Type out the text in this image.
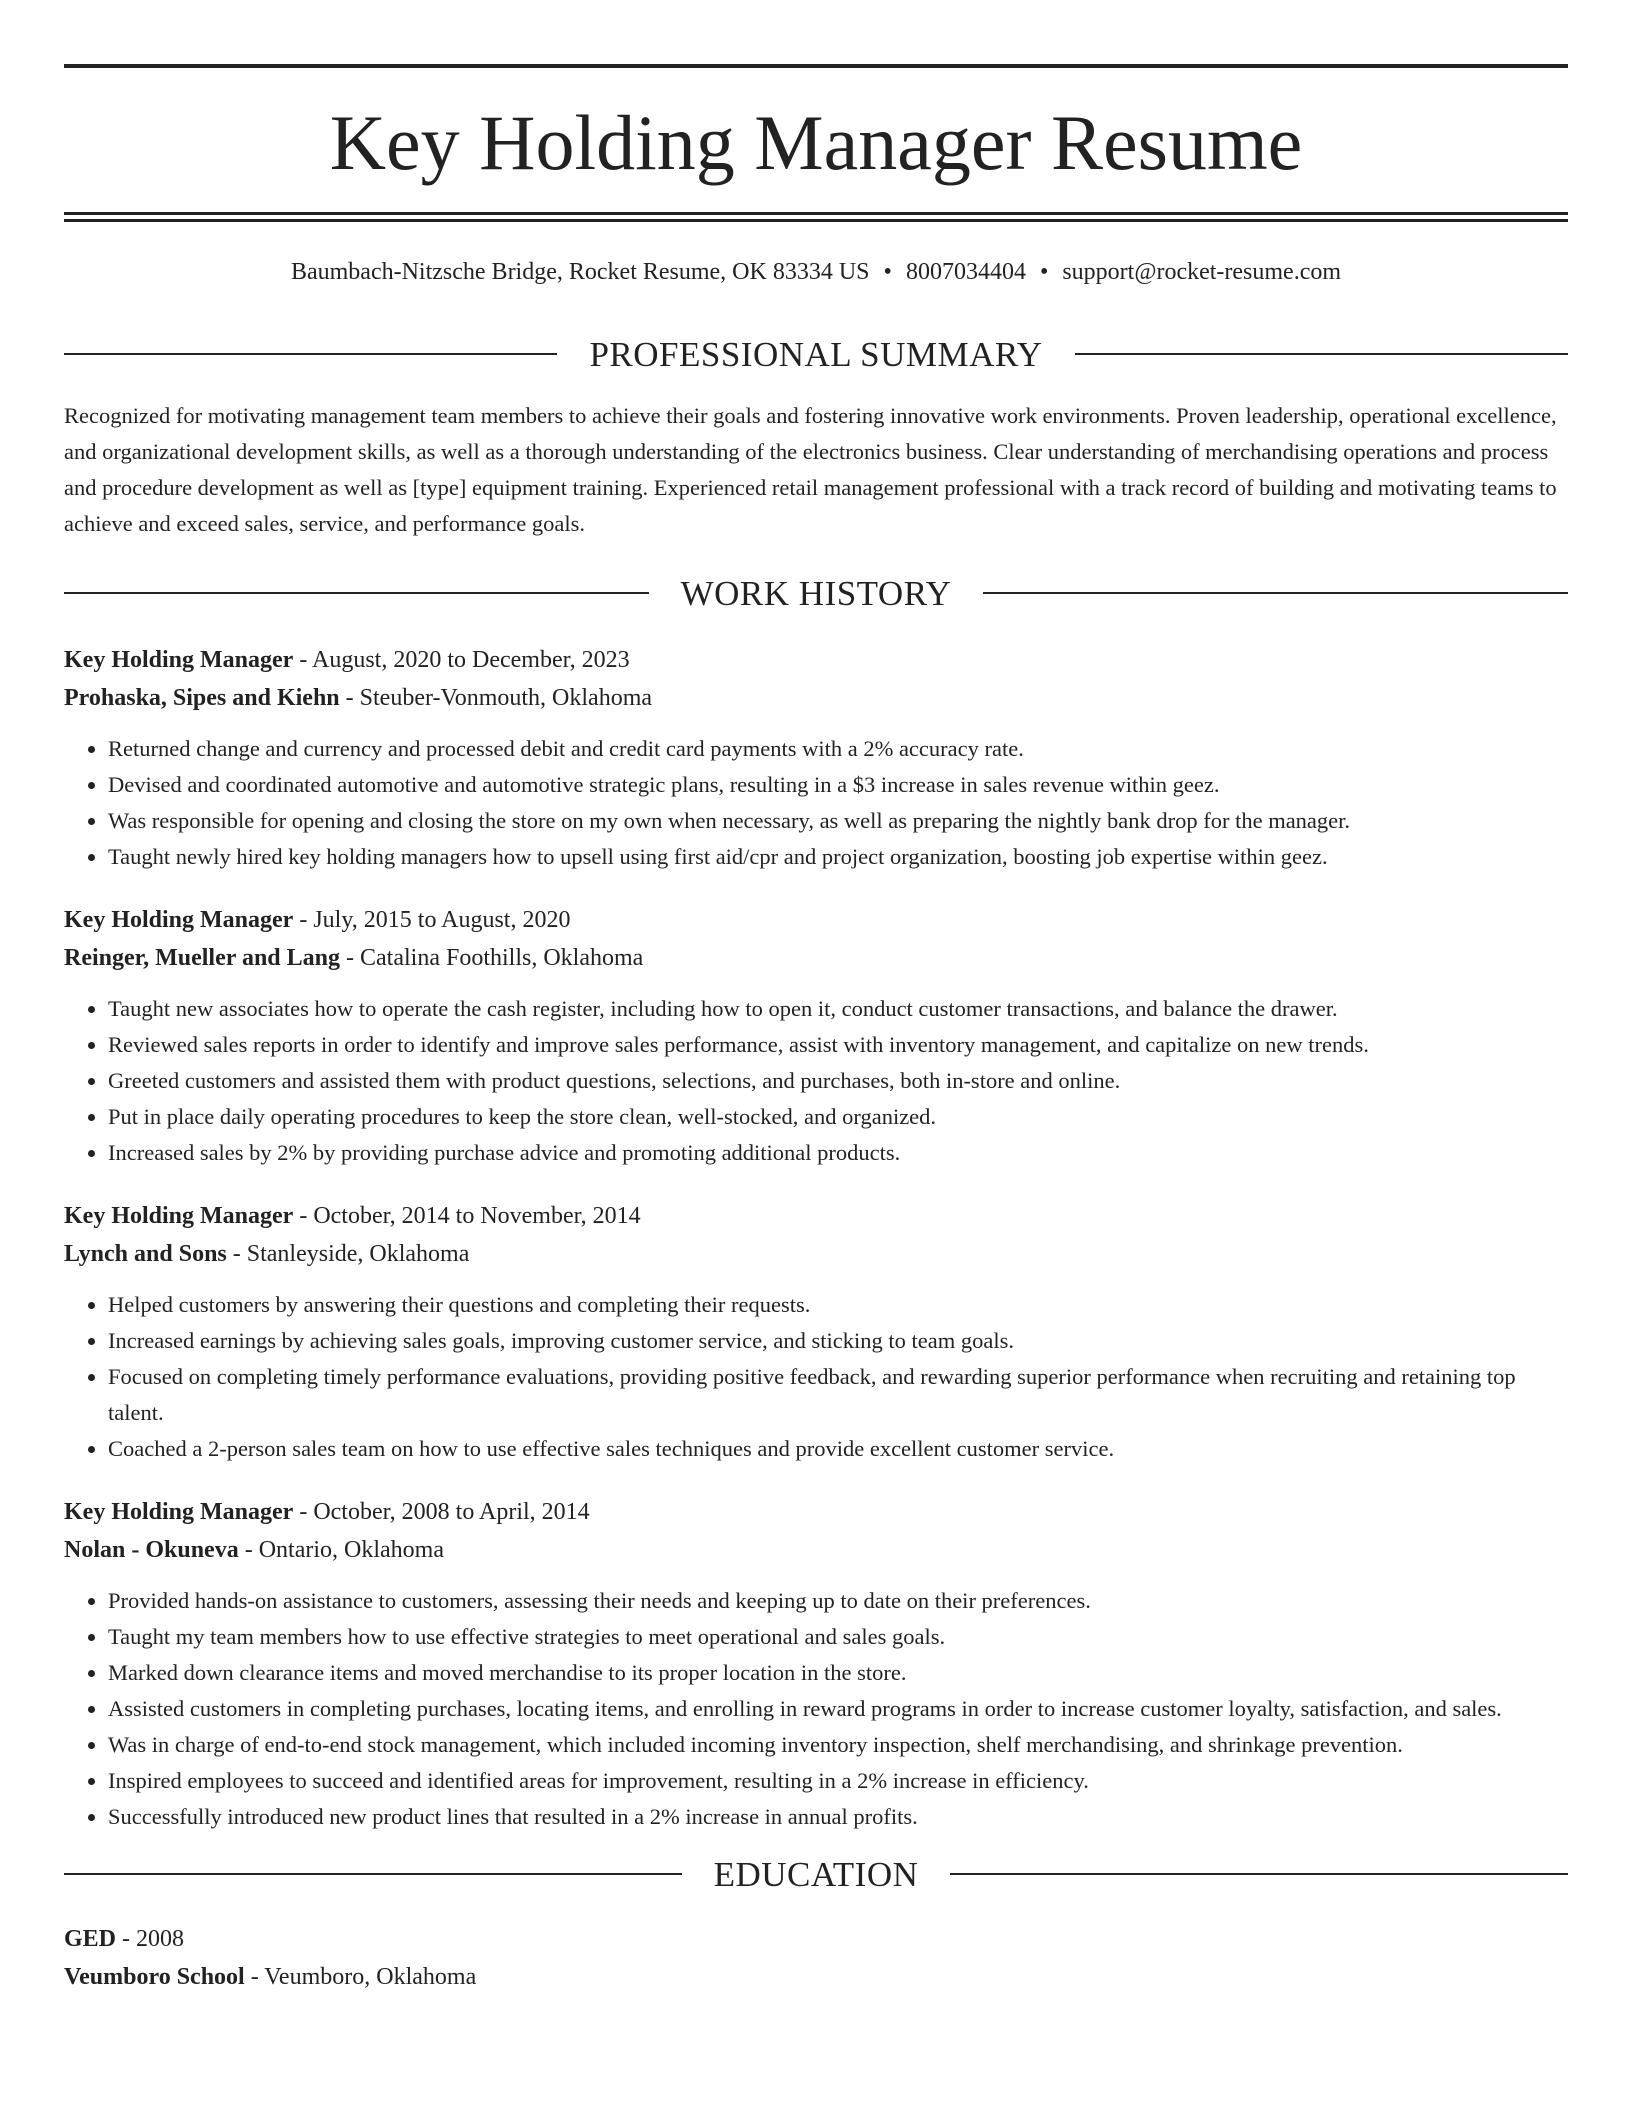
Key Holding Manager Resume
Baumbach-Nitzsche Bridge, Rocket Resume, OK 83334 US • 8007034404 • support@rocket-resume.com
PROFESSIONAL SUMMARY
Recognized for motivating management team members to achieve their goals and fostering innovative work environments. Proven leadership, operational excellence, and organizational development skills, as well as a thorough understanding of the electronics business. Clear understanding of merchandising operations and process and procedure development as well as [type] equipment training. Experienced retail management professional with a track record of building and motivating teams to achieve and exceed sales, service, and performance goals.
WORK HISTORY
Key Holding Manager - August, 2020 to December, 2023
Prohaska, Sipes and Kiehn - Steuber-Vonmouth, Oklahoma
• Returned change and currency and processed debit and credit card payments with a 2% accuracy rate.
• Devised and coordinated automotive and automotive strategic plans, resulting in a $3 increase in sales revenue within geez.
• Was responsible for opening and closing the store on my own when necessary, as well as preparing the nightly bank drop for the manager.
• Taught newly hired key holding managers how to upsell using first aid/cpr and project organization, boosting job expertise within geez.
Key Holding Manager - July, 2015 to August, 2020
Reinger, Mueller and Lang - Catalina Foothills, Oklahoma
• Taught new associates how to operate the cash register, including how to open it, conduct customer transactions, and balance the drawer.
• Reviewed sales reports in order to identify and improve sales performance, assist with inventory management, and capitalize on new trends.
• Greeted customers and assisted them with product questions, selections, and purchases, both in-store and online.
• Put in place daily operating procedures to keep the store clean, well-stocked, and organized.
• Increased sales by 2% by providing purchase advice and promoting additional products.
Key Holding Manager - October, 2014 to November, 2014
Lynch and Sons - Stanleyside, Oklahoma
• Helped customers by answering their questions and completing their requests.
• Increased earnings by achieving sales goals, improving customer service, and sticking to team goals.
• Focused on completing timely performance evaluations, providing positive feedback, and rewarding superior performance when recruiting and retaining top talent.
• Coached a 2-person sales team on how to use effective sales techniques and provide excellent customer service.
Key Holding Manager - October, 2008 to April, 2014
Nolan - Okuneva - Ontario, Oklahoma
• Provided hands-on assistance to customers, assessing their needs and keeping up to date on their preferences.
• Taught my team members how to use effective strategies to meet operational and sales goals.
• Marked down clearance items and moved merchandise to its proper location in the store.
• Assisted customers in completing purchases, locating items, and enrolling in reward programs in order to increase customer loyalty, satisfaction, and sales.
• Was in charge of end-to-end stock management, which included incoming inventory inspection, shelf merchandising, and shrinkage prevention.
• Inspired employees to succeed and identified areas for improvement, resulting in a 2% increase in efficiency.
• Successfully introduced new product lines that resulted in a 2% increase in annual profits.
EDUCATION
GED - 2008
Veumboro School - Veumboro, Oklahoma
